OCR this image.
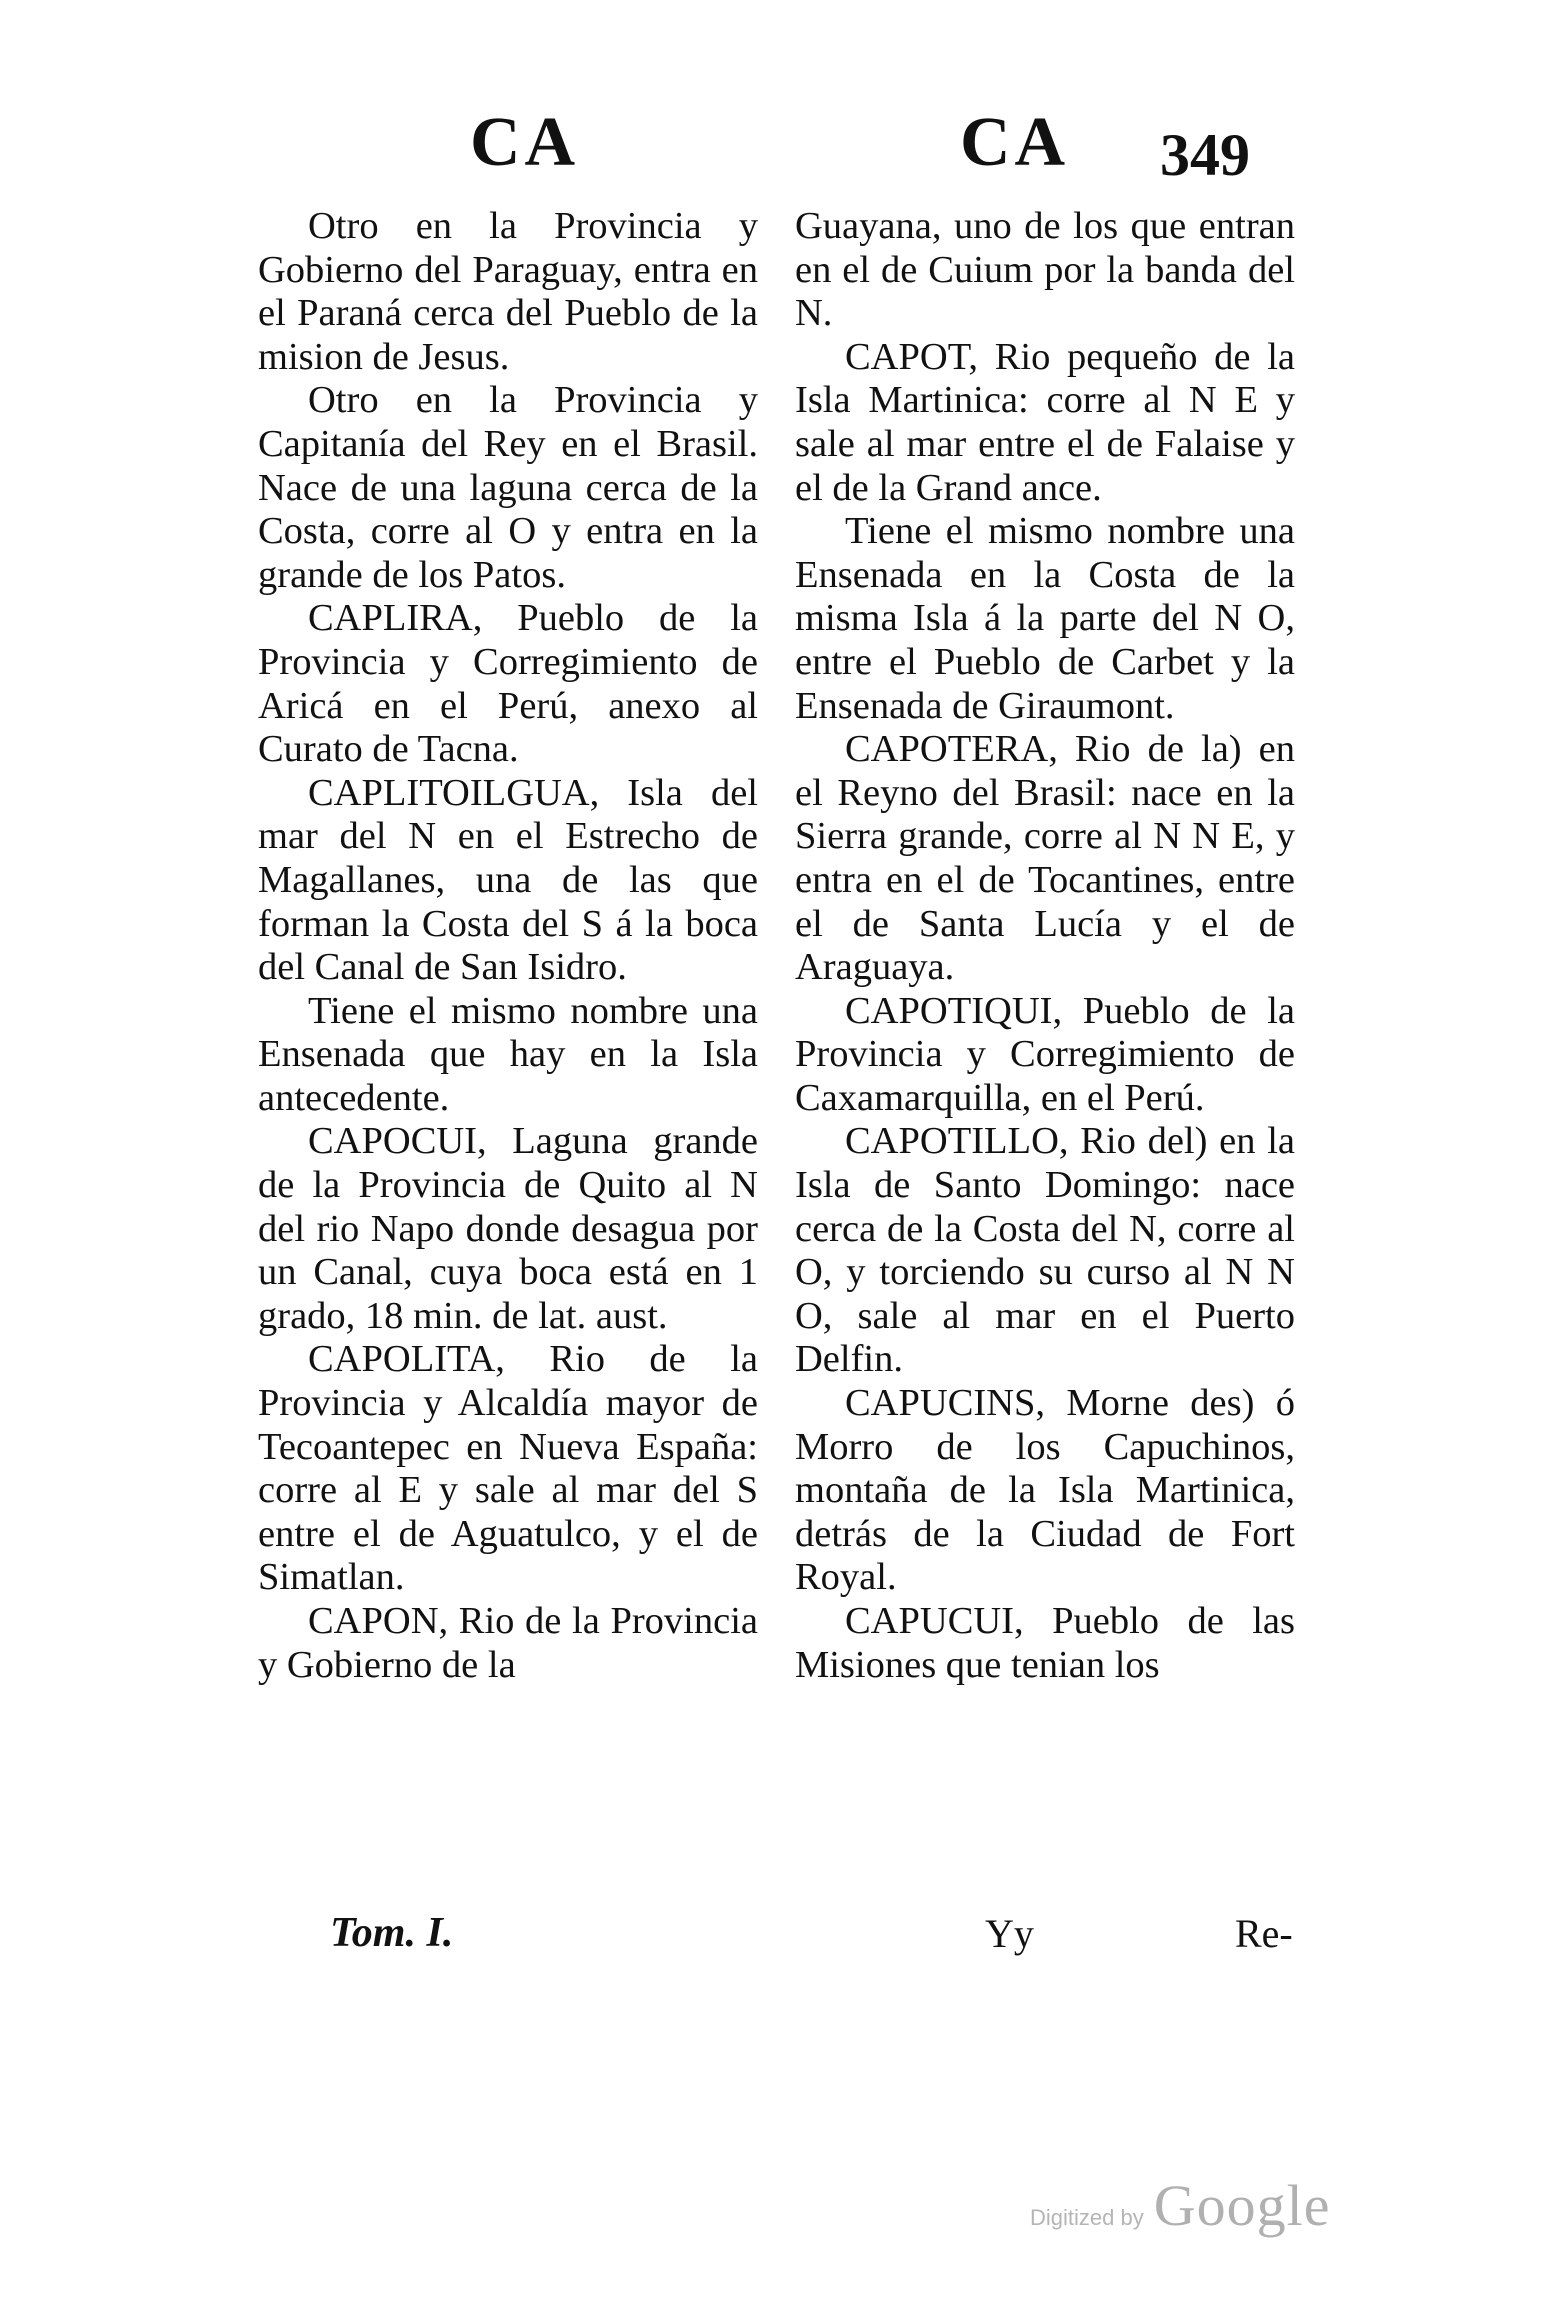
CA	CA 349

Otro en la Provincia y Gobierno del Paraguay, entra en el Paraná cerca del Pueblo de la mision de Jesus.

Otro en la Provincia y Capitanía del Rey en el Brasil. Nace de una laguna cerca de la Costa, corre al O y entra en la grande de los Patos.

CAPLIRA, Pueblo de la Provincia y Corregimiento de Aricá en el Perú, anexo al Curato de Tacna.

CAPLITOILGUA, Isla del mar del N en el Estrecho de Magallanes, una de las que forman la Costa del S á la boca del Canal de San Isidro.

Tiene el mismo nombre una Ensenada que hay en la Isla antecedente.

CAPOCUI, Laguna grande de la Provincia de Quito al N del rio Napo donde desagua por un Canal, cuya boca está en 1 grado, 18 min. de lat. aust.

CAPOLITA, Rio de la Provincia y Alcaldía mayor de Tecoantepec en Nueva España: corre al E y sale al mar del S entre el de Aguatulco, y el de Simatlan.

CAPON, Rio de la Provincia y Gobierno de la

Guayana, uno de los que entran en el de Cuium por la banda del N.

CAPOT, Rio pequeño de la Isla Martinica: corre al N E y sale al mar entre el de Falaise y el de la Grand ance.

Tiene el mismo nombre una Ensenada en la Costa de la misma Isla á la parte del N O, entre el Pueblo de Carbet y la Ensenada de Giraumont.

CAPOTERA, Rio de la) en el Reyno del Brasil: nace en la Sierra grande, corre al N N E, y entra en el de Tocantines, entre el de Santa Lucía y el de Araguaya.

CAPOTIQUI, Pueblo de la Provincia y Corregimiento de Caxamarquilla, en el Perú.

CAPOTILLO, Rio del) en la Isla de Santo Domingo: nace cerca de la Costa del N, corre al O, y torciendo su curso al N N O, sale al mar en el Puerto Delfin.

CAPUCINS, Morne des) ó Morro de los Capuchinos, montaña de la Isla Martinica, detrás de la Ciudad de Fort Royal.

CAPUCUI, Pueblo de las Misiones que tenian los

Tom. I.	Yy	Re-
Digitized by Google
